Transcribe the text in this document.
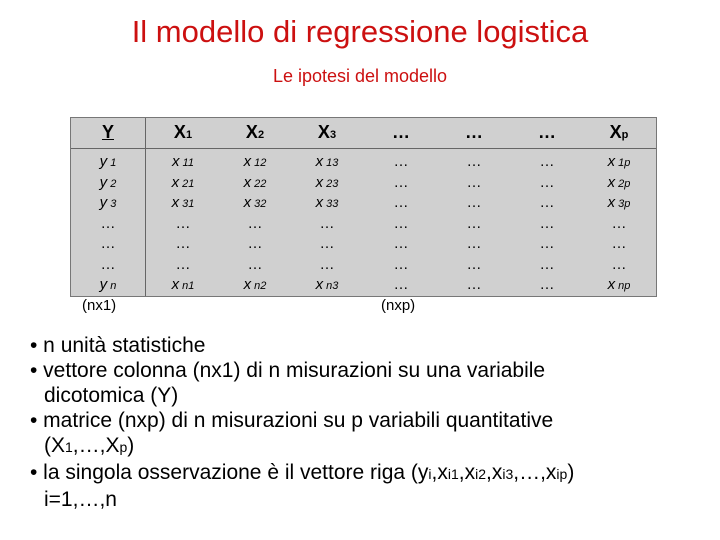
Il modello di regressione logistica
Le ipotesi del modello
Y	X1	X2	X3	…	…	…	Xp
y 1	x 11	x 12	x 13	…	…	…	x 1p
y 2	x 21	x 22	x 23	…	…	…	x 2p
y 3	x 31	x 32	x 33	…	…	…	x 3p
…	…	…	…	…	…	…	…
…	…	…	…	…	…	…	…
…	…	…	…	…	…	…	…
y n	x n1	x n2	x n3	…	…	…	x np
(nx1)	(nxp)
• n unità statistiche
• vettore colonna (nx1) di n misurazioni su una variabile
dicotomica (Y)
• matrice (nxp) di n misurazioni su p variabili quantitative
(X1,…,Xp)
• la singola osservazione è il vettore riga (yi,xi1,xi2,xi3,…,xip)
i=1,…,n
